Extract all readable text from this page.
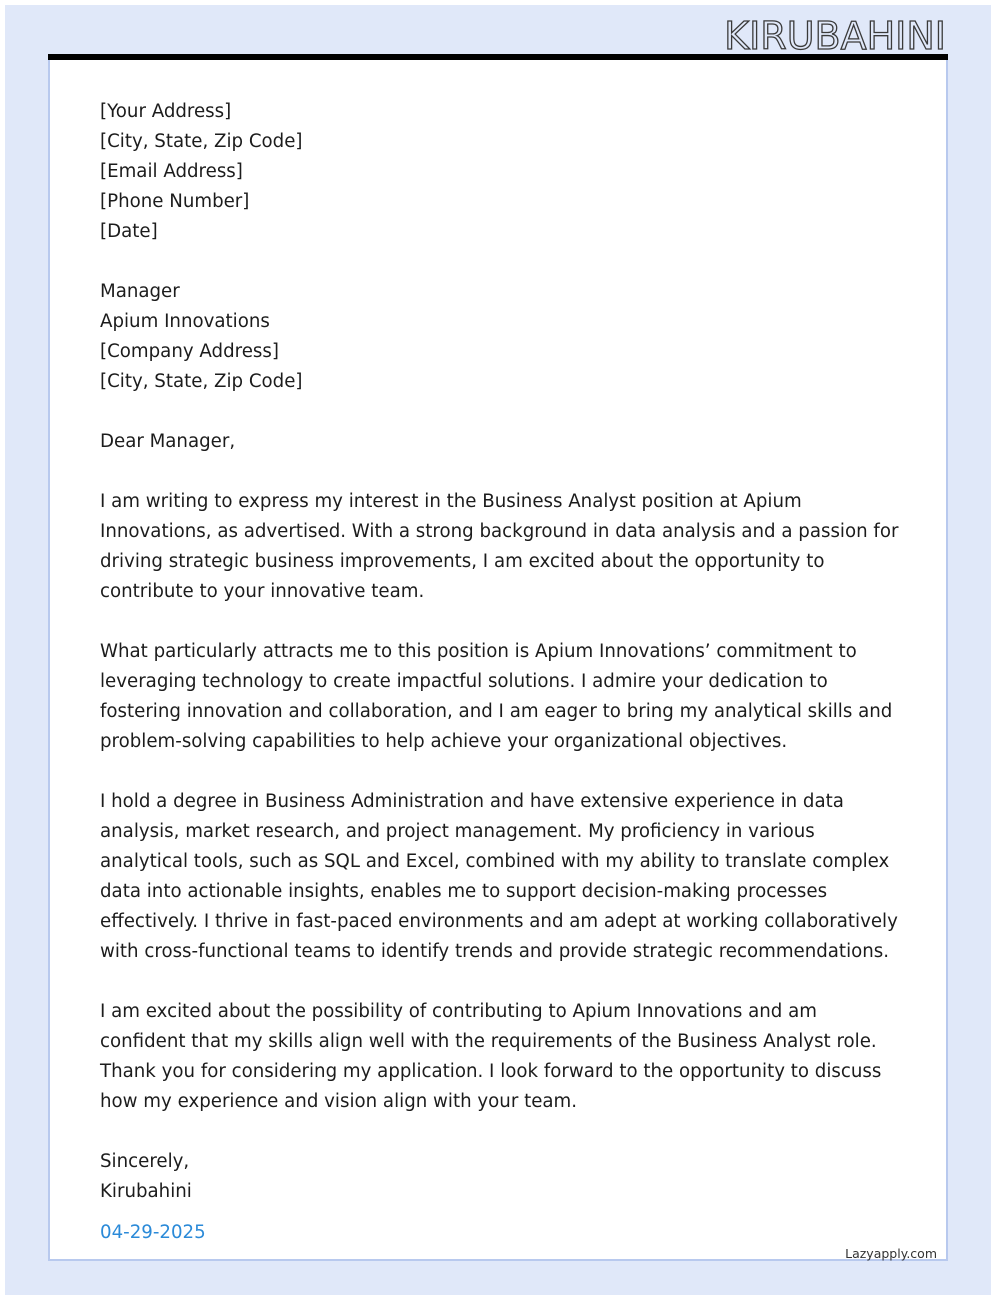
KIRUBAHINI
[Your Address]
[City, State, Zip Code]
[Email Address]
[Phone Number]
[Date]
Manager
Apium Innovations
[Company Address]
[City, State, Zip Code]
Dear Manager,

I am writing to express my interest in the Business Analyst position at Apium Innovations, as advertised. With a strong background in data analysis and a passion for driving strategic business improvements, I am excited about the opportunity to contribute to your innovative team.

What particularly attracts me to this position is Apium Innovations’ commitment to leveraging technology to create impactful solutions. I admire your dedication to fostering innovation and collaboration, and I am eager to bring my analytical skills and problem-solving capabilities to help achieve your organizational objectives.

I hold a degree in Business Administration and have extensive experience in data analysis, market research, and project management. My proficiency in various analytical tools, such as SQL and Excel, combined with my ability to translate complex data into actionable insights, enables me to support decision-making processes effectively. I thrive in fast-paced environments and am adept at working collaboratively with cross-functional teams to identify trends and provide strategic recommendations.

I am excited about the possibility of contributing to Apium Innovations and am confident that my skills align well with the requirements of the Business Analyst role. Thank you for considering my application. I look forward to the opportunity to discuss how my experience and vision align with your team.

Sincerely,
Kirubahini
04-29-2025
Lazyapply.com
